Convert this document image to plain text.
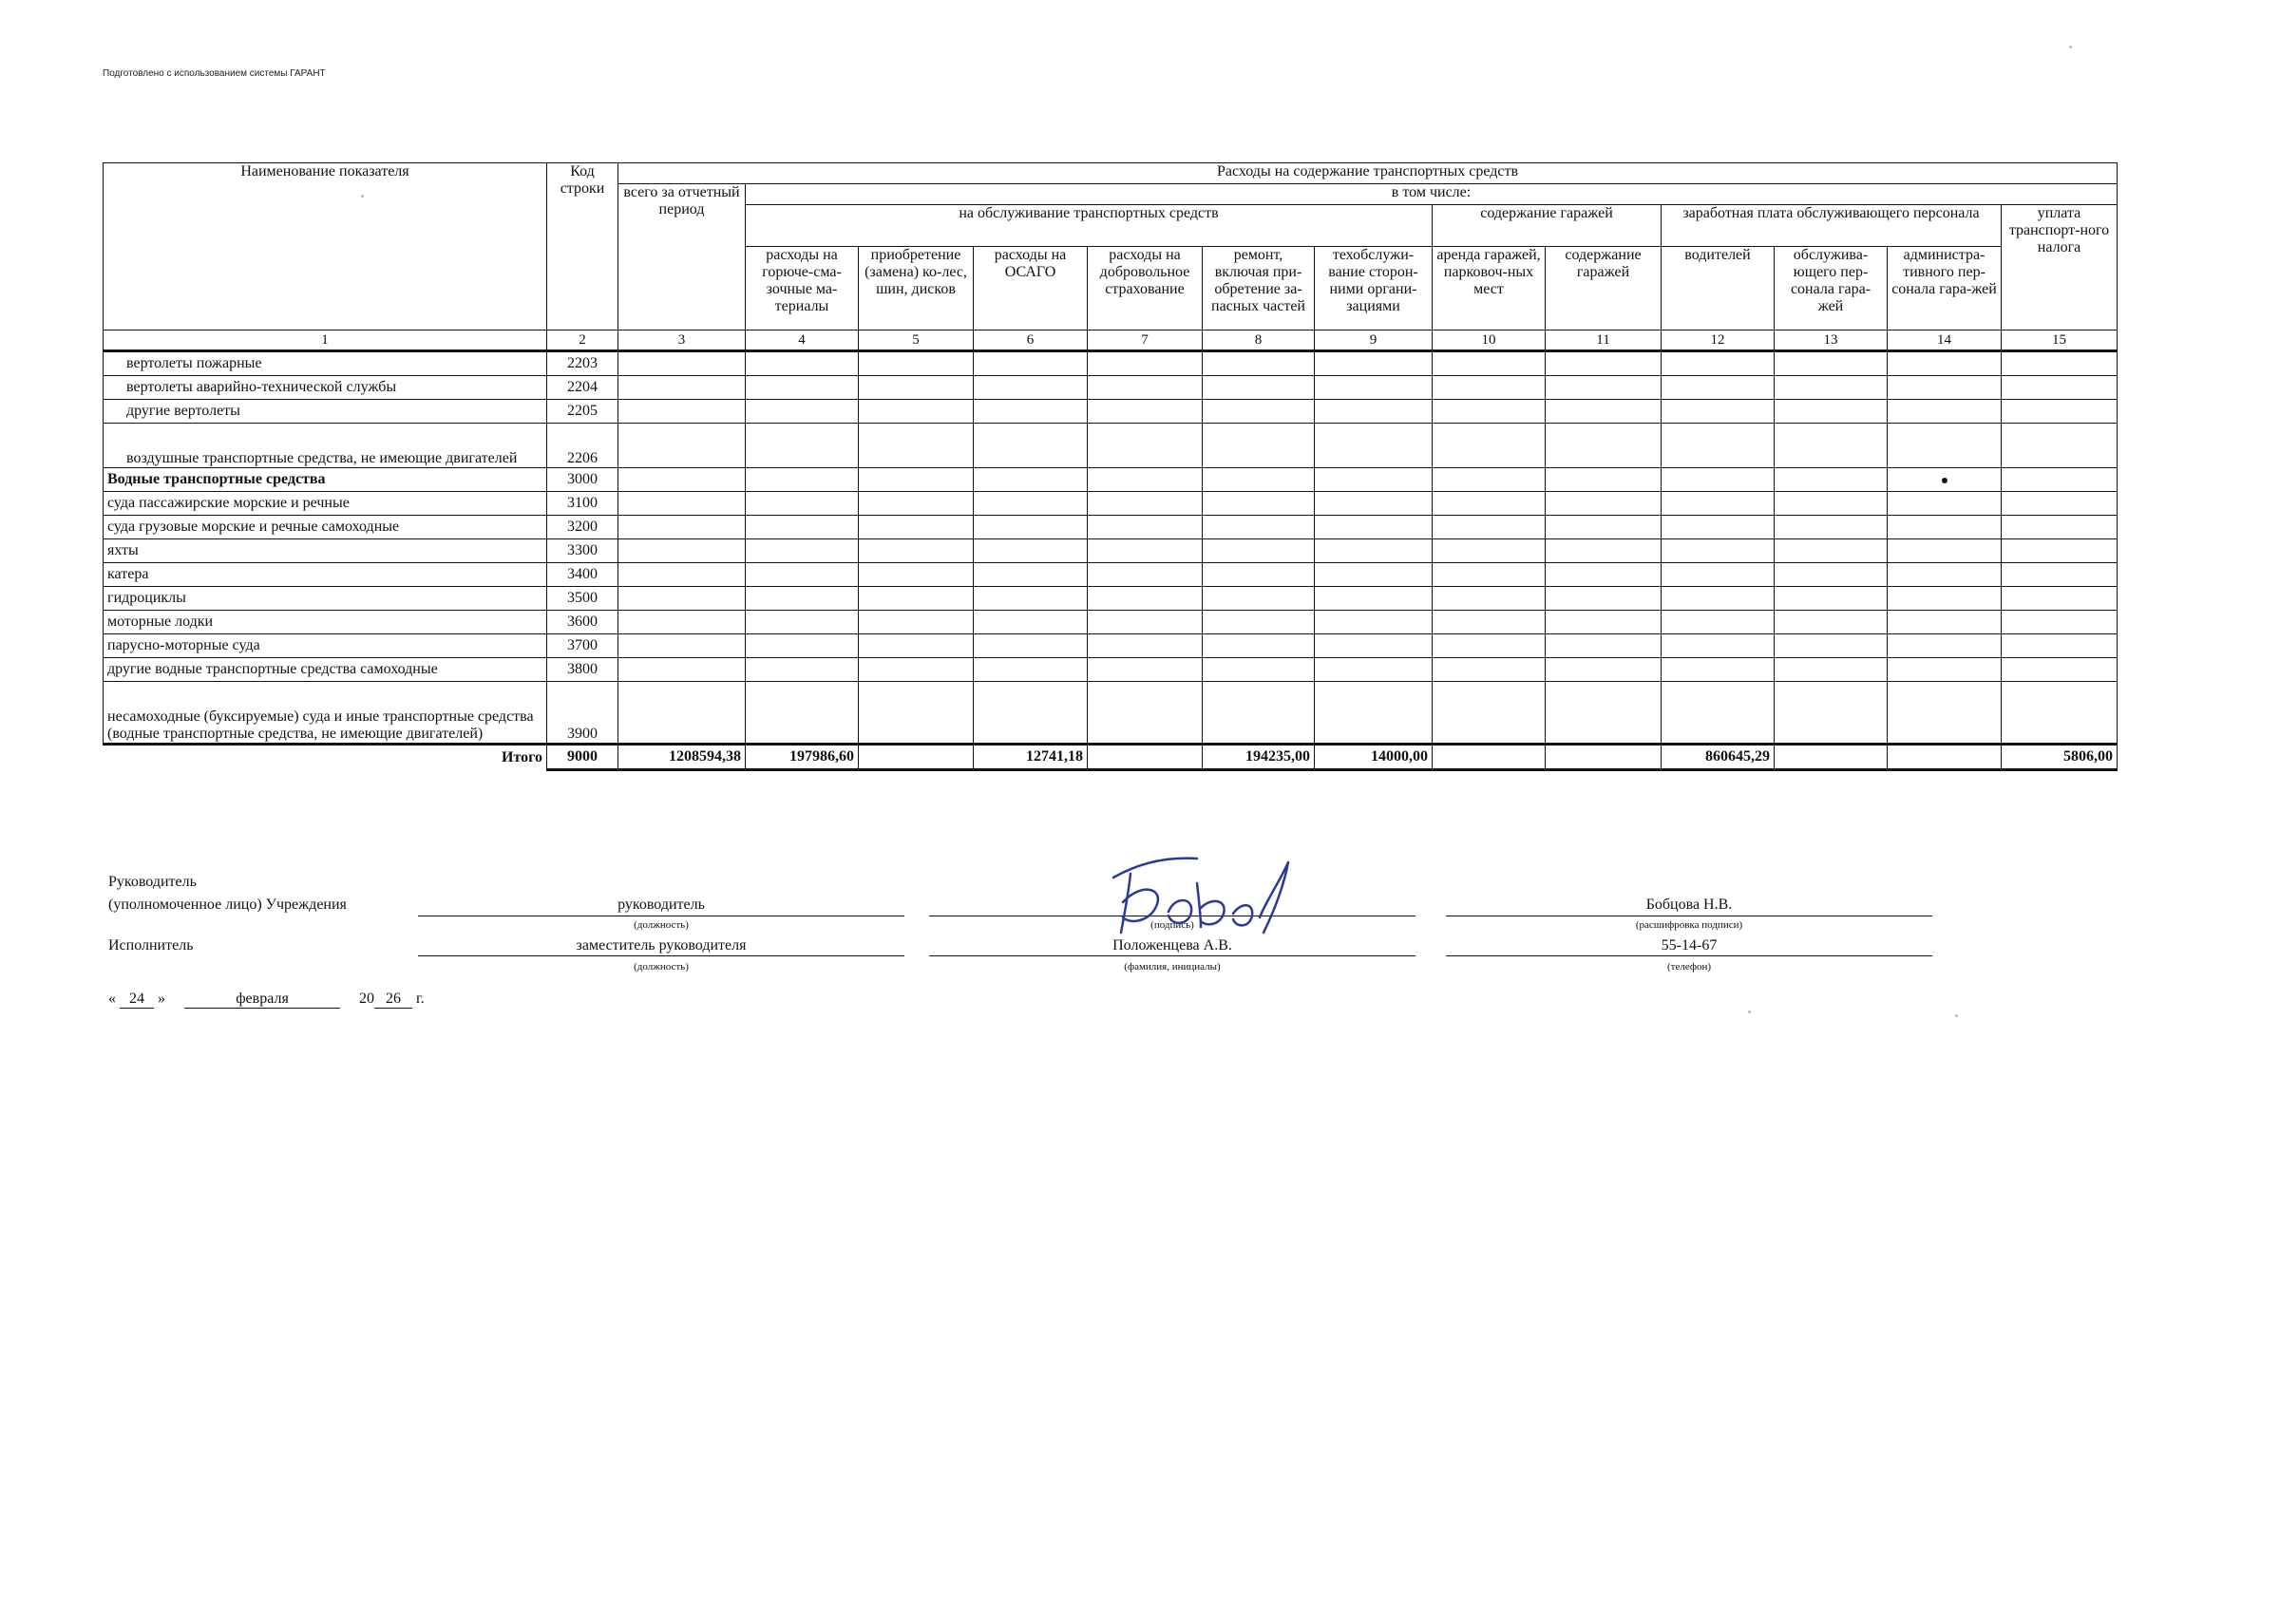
Подготовлено с использованием системы ГАРАНТ
Наименование показателя	Код строки	Расходы на содержание транспортных средств												
		всего за отчетный период	в том числе:											
			на обслуживание транспортных средств						содержание гаражей		заработная плата обслуживающего персонала			уплата транспорт-ного налога
			расходы на горюче-сма-зочные ма-териалы	приобретение (замена) ко-лес, шин, дисков	расходы на ОСАГО	расходы на добровольное страхование	ремонт, включая при-обретение за-пасных частей	техобслужи-вание сторон-ними органи-зациями	аренда гаражей, парковоч-ных мест	содержание гаражей	водителей	обслужива-ющего пер-сонала гара-жей	администра-тивного пер-сонала гара-жей	
1	2	3	4	5	6	7	8	9	10	11	12	13	14	15
вертолеты пожарные	2203													
вертолеты аварийно-технической службы	2204													
другие вертолеты	2205													
воздушные транспортные средства, не имеющие двигателей	2206													
Водные транспортные средства	3000													
суда пассажирские морские и речные	3100													
суда грузовые морские и речные самоходные	3200													
яхты	3300													
катера	3400													
гидроциклы	3500													
моторные лодки	3600													
парусно-моторные суда	3700													
другие водные транспортные средства самоходные	3800													
несамоходные (буксируемые) суда и иные транспортные средства (водные транспортные средства, не имеющие двигателей)	3900													
Итого	9000	1208594,38	197986,60		12741,18		194235,00	14000,00			860645,29			5806,00
Руководитель
(уполномоченное лицо) Учреждения	руководитель
(должность)	(подпись)
Бобцова Н.В.
(расшифровка подписи)
Исполнитель	заместитель руководителя
(должность)
Положенцева А.В.
(фамилия, инициалы)
55-14-67
(телефон)
« 24 »	февраля	20 26 г.
